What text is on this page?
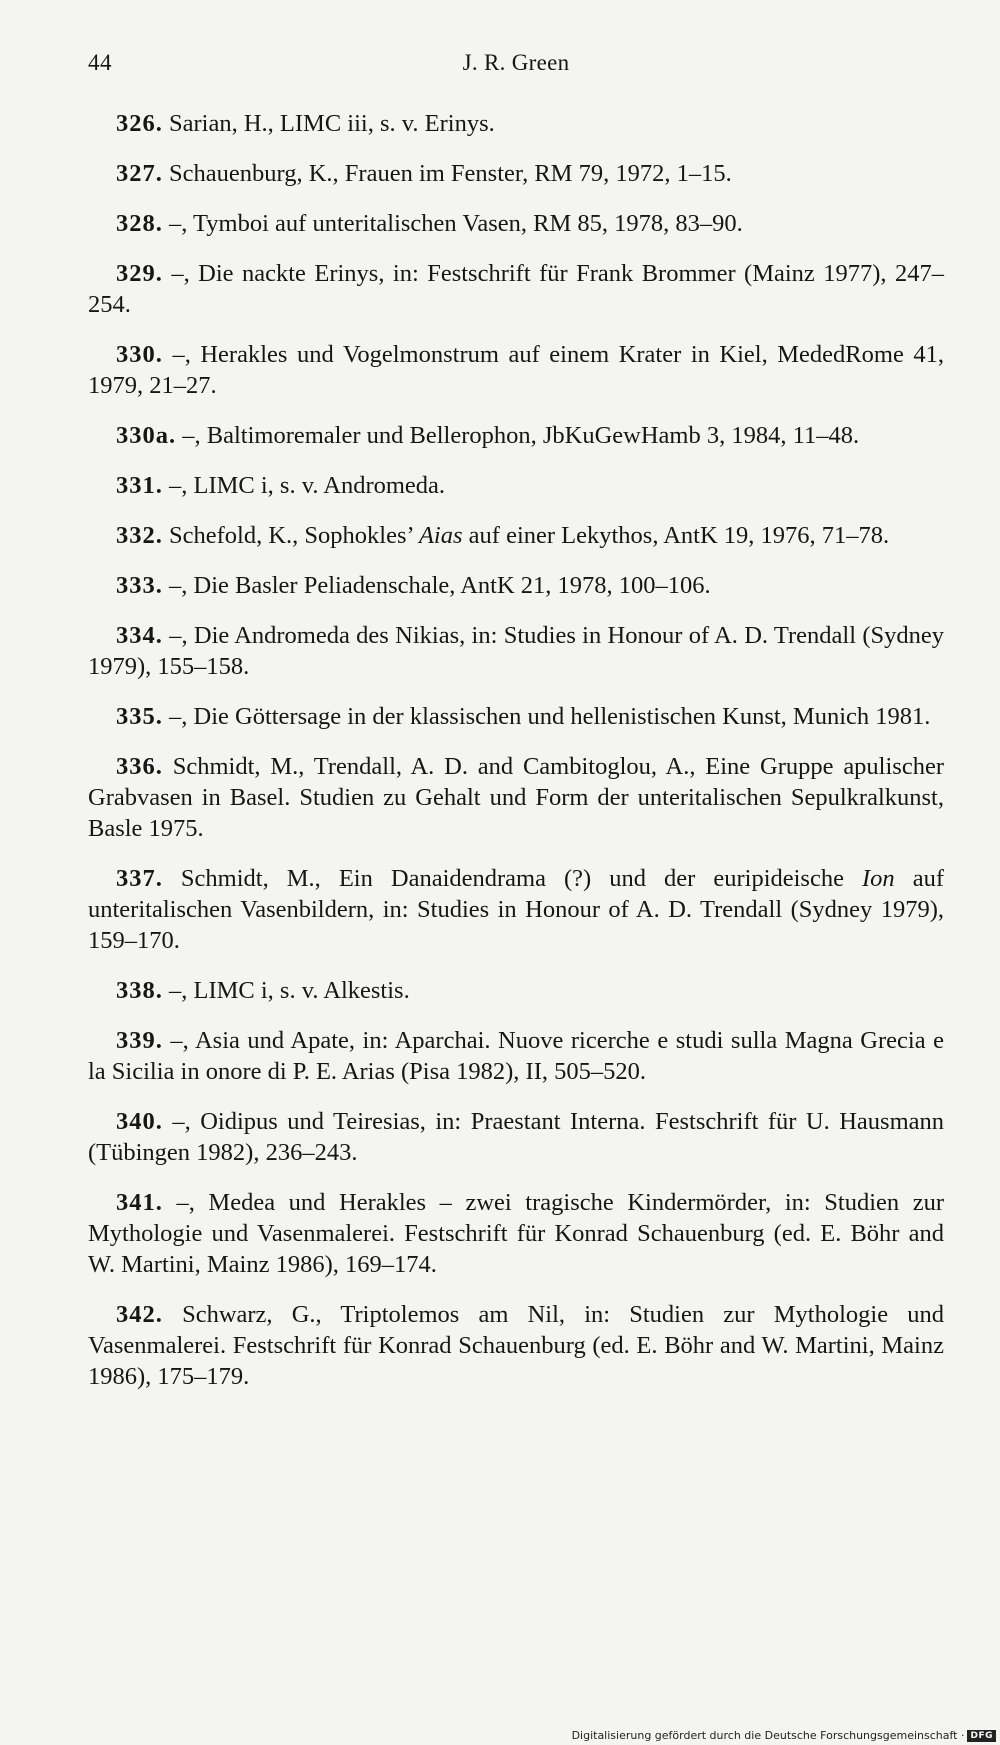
44	J. R. Green

326. Sarian, H., LIMC iii, s. v. Erinys.

327. Schauenburg, K., Frauen im Fenster, RM 79, 1972, 1–15.

328. –, Tymboi auf unteritalischen Vasen, RM 85, 1978, 83–90.

329. –, Die nackte Erinys, in: Festschrift für Frank Brommer (Mainz 1977), 247–254.

330. –, Herakles und Vogelmonstrum auf einem Krater in Kiel, MededRome 41, 1979, 21–27.

330a. –, Baltimoremaler und Bellerophon, JbKuGewHamb 3, 1984, 11–48.

331. –, LIMC i, s. v. Andromeda.

332. Schefold, K., Sophokles’ Aias auf einer Lekythos, AntK 19, 1976, 71–78.

333. –, Die Basler Peliadenschale, AntK 21, 1978, 100–106.

334. –, Die Andromeda des Nikias, in: Studies in Honour of A. D. Trendall (Sydney 1979), 155–158.

335. –, Die Göttersage in der klassischen und hellenistischen Kunst, Munich 1981.

336. Schmidt, M., Trendall, A. D. and Cambitoglou, A., Eine Gruppe apulischer Grabvasen in Basel. Studien zu Gehalt und Form der unteritalischen Sepulkralkunst, Basle 1975.

337. Schmidt, M., Ein Danaidendrama (?) und der euripideische Ion auf unteritalischen Vasenbildern, in: Studies in Honour of A. D. Trendall (Sydney 1979), 159–170.

338. –, LIMC i, s. v. Alkestis.

339. –, Asia und Apate, in: Aparchai. Nuove ricerche e studi sulla Magna Grecia e la Sicilia in onore di P. E. Arias (Pisa 1982), II, 505–520.

340. –, Oidipus und Teiresias, in: Praestant Interna. Festschrift für U. Hausmann (Tübingen 1982), 236–243.

341. –, Medea und Herakles – zwei tragische Kindermörder, in: Studien zur Mythologie und Vasenmalerei. Festschrift für Konrad Schauenburg (ed. E. Böhr and W. Martini, Mainz 1986), 169–174.

342. Schwarz, G., Triptolemos am Nil, in: Studien zur Mythologie und Vasenmalerei. Festschrift für Konrad Schauenburg (ed. E. Böhr and W. Martini, Mainz 1986), 175–179.

Digitalisierung gefördert durch die Deutsche Forschungsgemeinschaft · DFG
